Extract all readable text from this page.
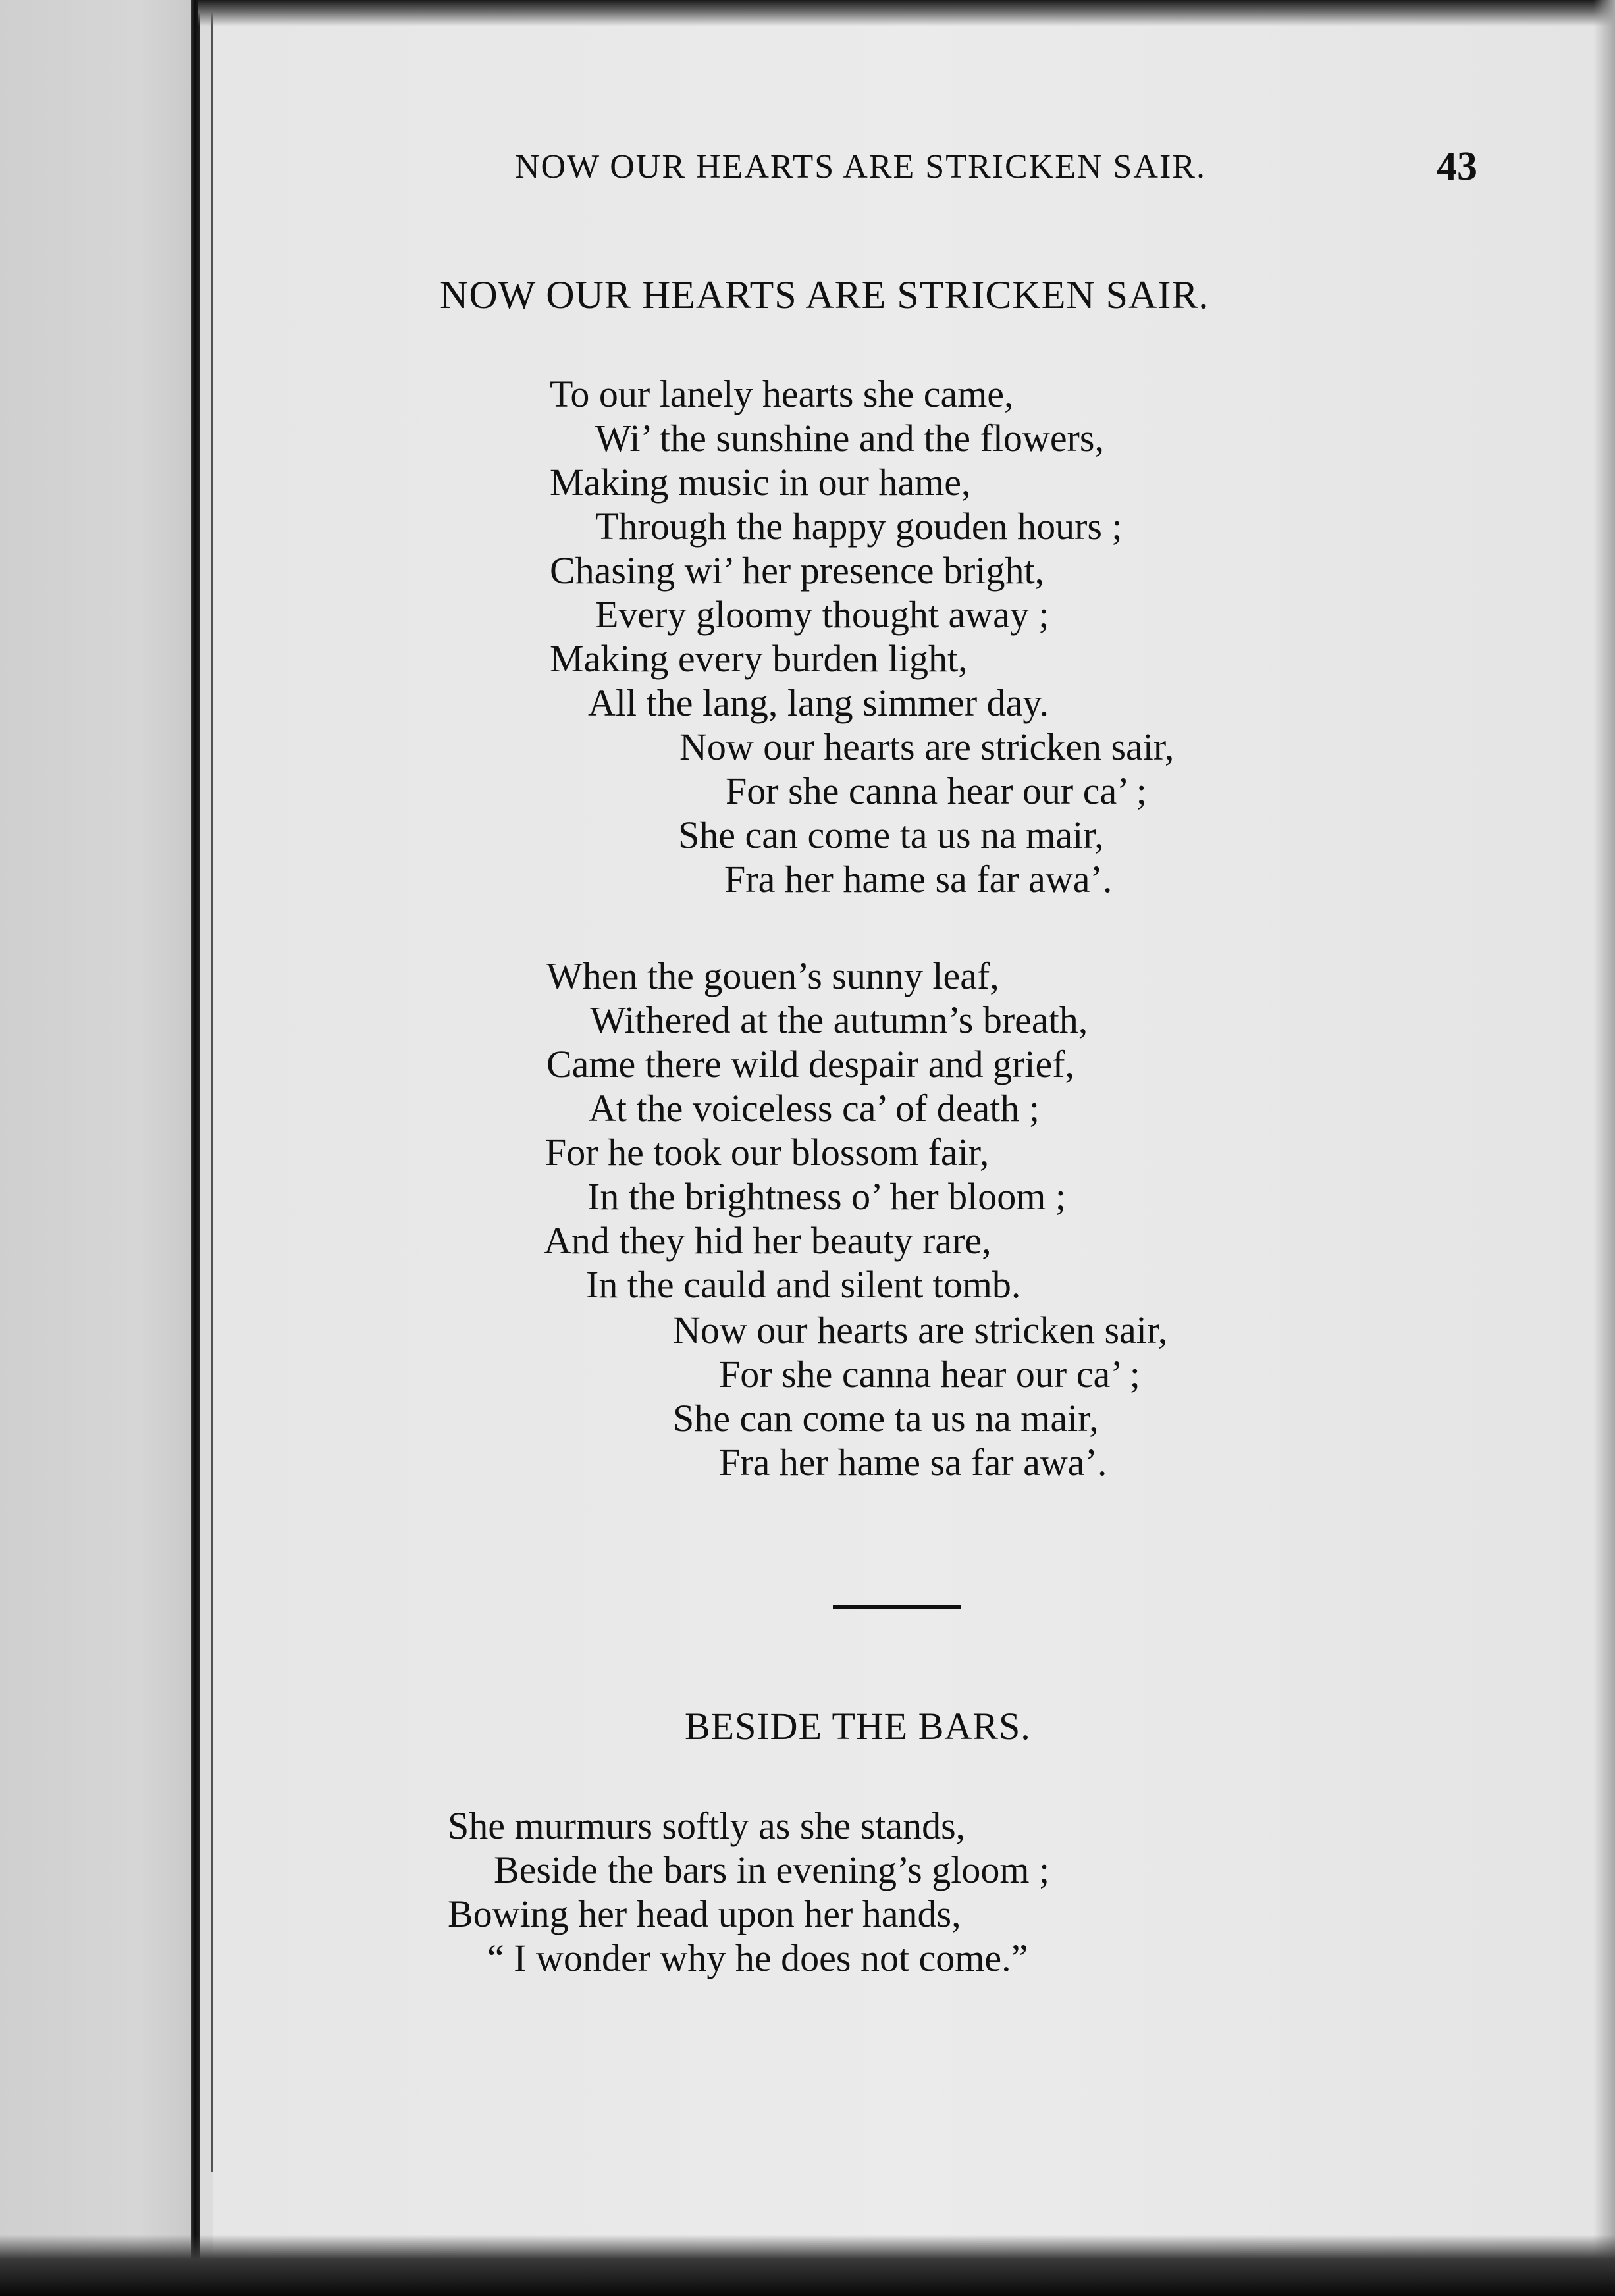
NOW OUR HEARTS ARE STRICKEN SAIR.	43
NOW OUR HEARTS ARE STRICKEN SAIR.
To our lanely hearts she came,
Wi’ the sunshine and the flowers,
Making music in our hame,
Through the happy gouden hours ;
Chasing wi’ her presence bright,
Every gloomy thought away ;
Making every burden light,
All the lang, lang simmer day.
Now our hearts are stricken sair,
For she canna hear our ca’ ;
She can come ta us na mair,
Fra her hame sa far awa’.
When the gouen’s sunny leaf,
Withered at the autumn’s breath,
Came there wild despair and grief,
At the voiceless ca’ of death ;
For he took our blossom fair,
In the brightness o’ her bloom ;
And they hid her beauty rare,
In the cauld and silent tomb.
Now our hearts are stricken sair,
For she canna hear our ca’ ;
She can come ta us na mair,
Fra her hame sa far awa’.
BESIDE THE BARS.
She murmurs softly as she stands,
Beside the bars in evening’s gloom ;
Bowing her head upon her hands,
“ I wonder why he does not come.”
